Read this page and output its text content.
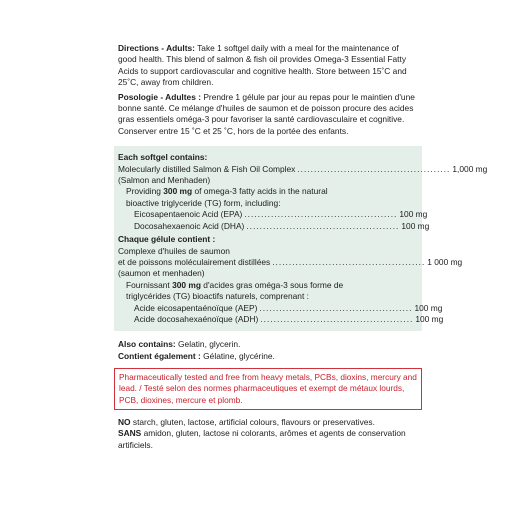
Directions - Adults: Take 1 softgel daily with a meal for the maintenance of good health. This blend of salmon & fish oil provides Omega-3 Essential Fatty Acids to support cardiovascular and cognitive health. Store between 15˚C and 25˚C, away from children.

Posologie - Adultes : Prendre 1 gélule par jour au repas pour le maintien d'une bonne santé. Ce mélange d'huiles de saumon et de poisson procure des acides gras essentiels oméga-3 pour favoriser la santé cardiovasculaire et cognitive. Conserver entre 15 ˚C et 25 ˚C, hors de la portée des enfants.

Each softgel contains:
Molecularly distilled Salmon & Fish Oil Complex .............................................. 1,000 mg
(Salmon and Menhaden)
Providing 300 mg of omega-3 fatty acids in the natural
bioactive triglyceride (TG) form, including:
Eicosapentaenoic Acid (EPA) .............................................. 100 mg
Docosahexaenoic Acid (DHA) .............................................. 100 mg
Chaque gélule contient :
Complexe d'huiles de saumon
et de poissons moléculairement distillées .............................................. 1 000 mg
(saumon et menhaden)
Fournissant 300 mg d'acides gras oméga-3 sous forme de
triglycérides (TG) bioactifs naturels, comprenant :
Acide eicosapentaénoïque (AEP) .............................................. 100 mg
Acide docosahexaénoïque (ADH) .............................................. 100 mg

Also contains: Gelatin, glycerin.

Contient également : Gélatine, glycérine.

Pharmaceutically tested and free from heavy metals, PCBs, dioxins, mercury and lead. / Testé selon des normes pharmaceutiques et exempt de métaux lourds, PCB, dioxines, mercure et plomb.

NO starch, gluten, lactose, artificial colours, flavours or preservatives.

SANS amidon, gluten, lactose ni colorants, arômes et agents de conservation artificiels.
